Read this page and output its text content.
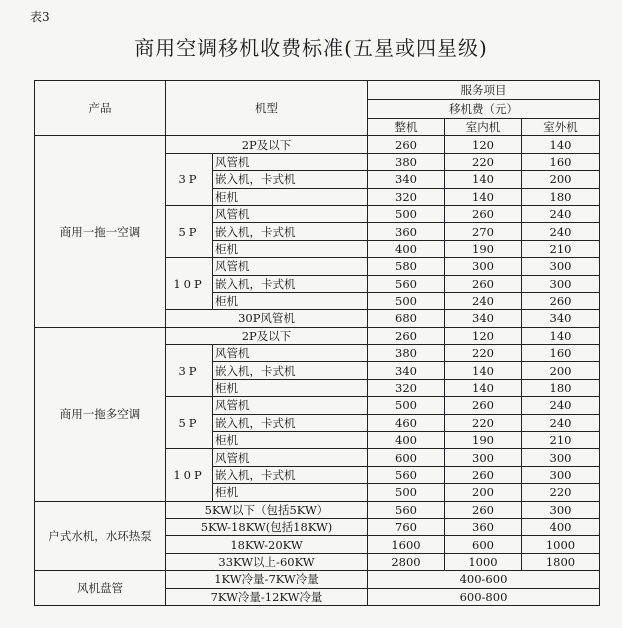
表3
商用空调移机收费标准(五星或四星级)
产品	机型		服务项目		
			移机费（元）		
			整机	室内机	室外机
商用一拖一空调	2P及以下		260	120	140
	3P	风管机	380	220	160
		嵌入机，卡式机	340	140	200
		柜机	320	140	180
	5P	风管机	500	260	240
		嵌入机，卡式机	360	270	240
		柜机	400	190	210
	10P	风管机	580	300	300
		嵌入机，卡式机	560	260	300
		柜机	500	240	260
	30P风管机		680	340	340
商用一拖多空调	2P及以下		260	120	140
	3P	风管机	380	220	160
		嵌入机，卡式机	340	140	200
		柜机	320	140	180
	5P	风管机	500	260	240
		嵌入机，卡式机	460	220	240
		柜机	400	190	210
	10P	风管机	600	300	300
		嵌入机，卡式机	560	260	300
		柜机	500	200	220
户式水机，水环热泵	5KW以下（包括5KW）		560	260	300
	5KW-18KW(包括18KW)		760	360	400
	18KW-20KW		1600	600	1000
	33KW以上-60KW		2800	1000	1800
风机盘管	1KW冷量-7KW冷量		400-600		
	7KW冷量-12KW冷量		600-800		
